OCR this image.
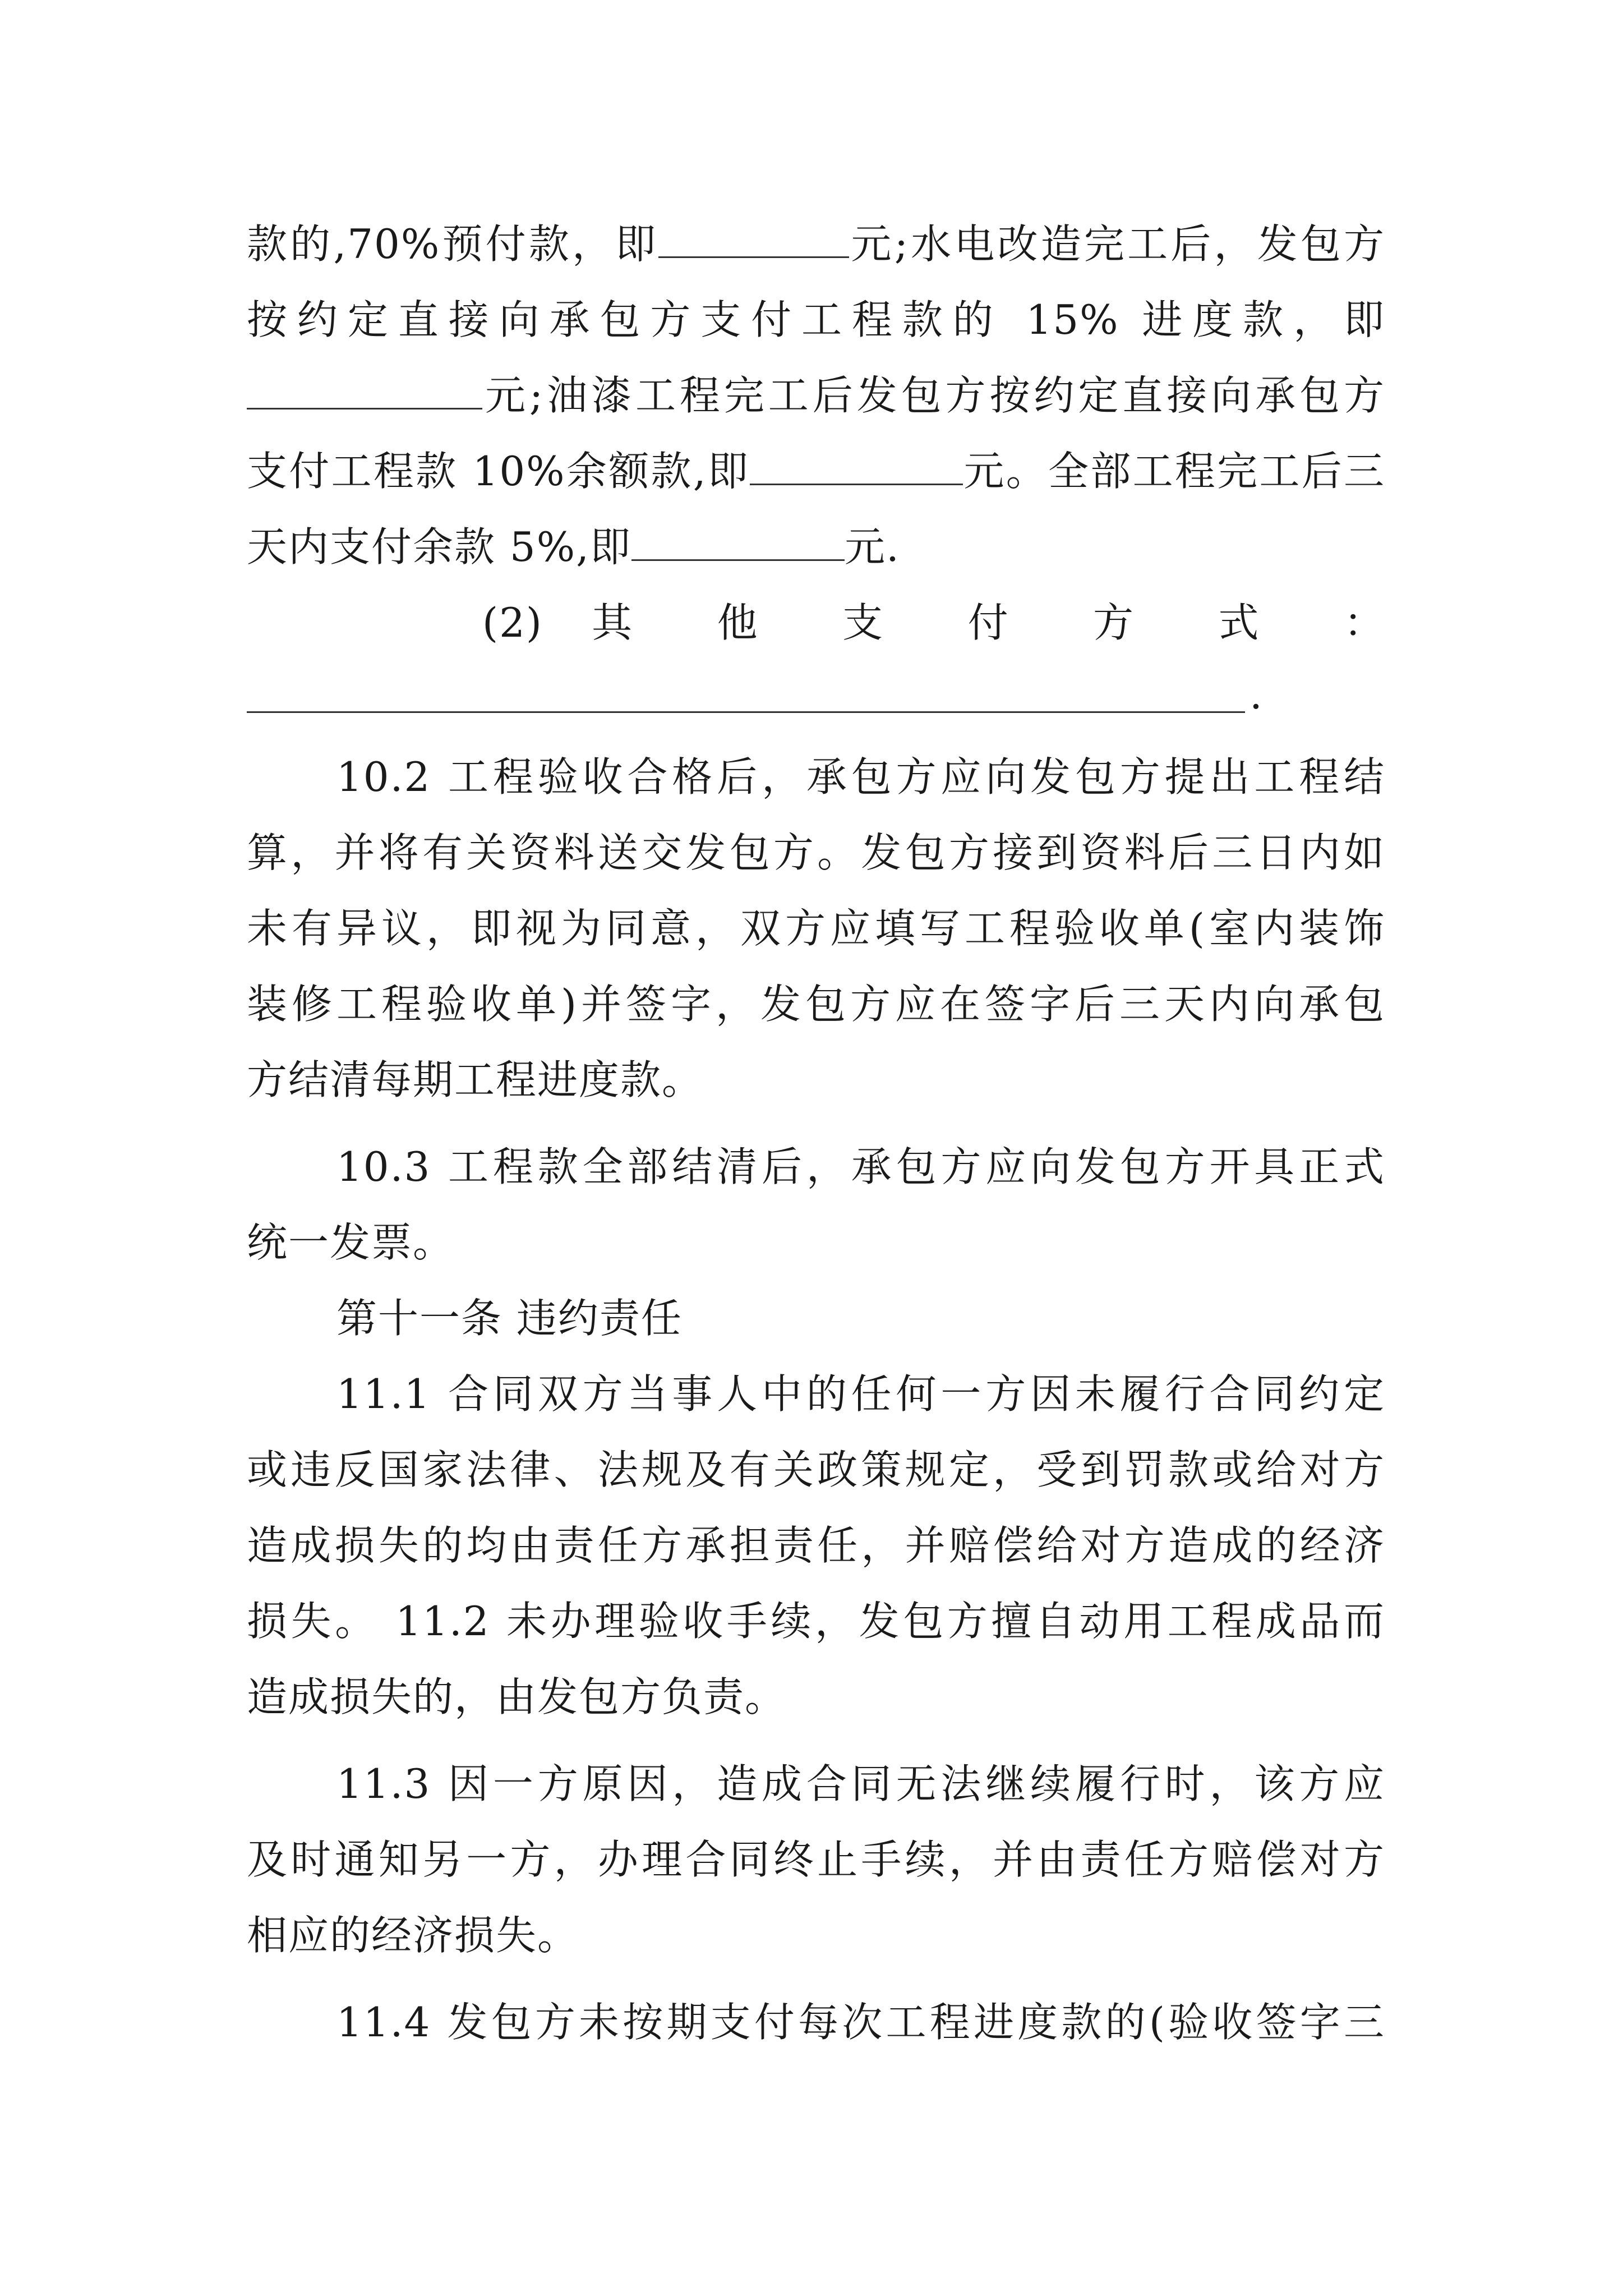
款的,70%预付款，即	元;水电改造完工后，发包方
按约定直接向承包方支付工程款的 15% 进度款，即
元;油漆工程完工后发包方按约定直接向承包方
支付工程款 10%余额款,即	元。全部工程完工后三
天内支付余款 5%,即	元.
(2) 其 他 支 付 方 式 ：
.
10.2 工程验收合格后，承包方应向发包方提出工程结
算，并将有关资料送交发包方。发包方接到资料后三日内如
未有异议，即视为同意，双方应填写工程验收单(室内装饰
装修工程验收单)并签字，发包方应在签字后三天内向承包
方结清每期工程进度款。
10.3 工程款全部结清后，承包方应向发包方开具正式
统一发票。
第十一条 违约责任
11.1 合同双方当事人中的任何一方因未履行合同约定
或违反国家法律、法规及有关政策规定，受到罚款或给对方
造成损失的均由责任方承担责任，并赔偿给对方造成的经济
损失。 11.2 未办理验收手续，发包方擅自动用工程成品而
造成损失的，由发包方负责。
11.3 因一方原因，造成合同无法继续履行时，该方应
及时通知另一方，办理合同终止手续，并由责任方赔偿对方
相应的经济损失。
11.4 发包方未按期支付每次工程进度款的(验收签字三
